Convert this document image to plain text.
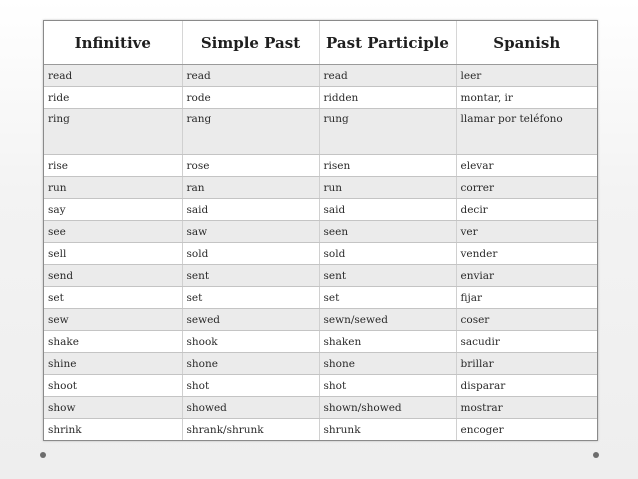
Infinitive	Simple Past	Past Participle	Spanish
read	read	read	leer
ride	rode	ridden	montar, ir
ring	rang	rung	llamar por teléfono
rise	rose	risen	elevar
run	ran	run	correr
say	said	said	decir
see	saw	seen	ver
sell	sold	sold	vender
send	sent	sent	enviar
set	set	set	fijar
sew	sewed	sewn/sewed	coser
shake	shook	shaken	sacudir
shine	shone	shone	brillar
shoot	shot	shot	disparar
show	showed	shown/showed	mostrar
shrink	shrank/shrunk	shrunk	encoger
